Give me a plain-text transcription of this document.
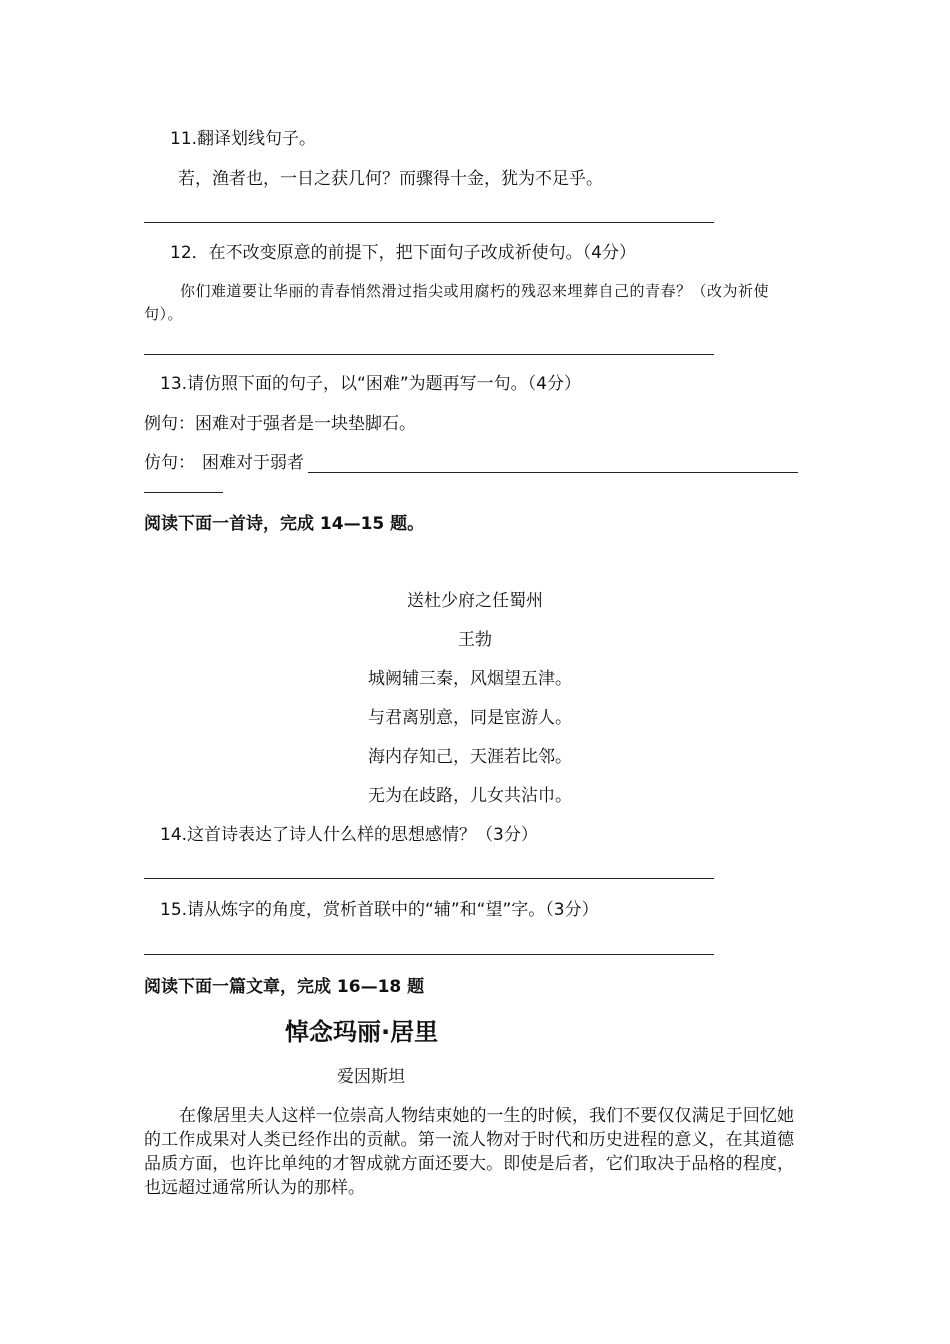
11.翻译划线句子。
若，渔者也，一日之获几何？而骤得十金，犹为不足乎。
12．在不改变原意的前提下，把下面句子改成祈使句。（4分）
你们难道要让华丽的青春悄然滑过指尖或用腐朽的残忍来埋葬自己的青春？（改为祈使句）。
13.请仿照下面的句子，以“困难”为题再写一句。（4分）
例句：困难对于强者是一块垫脚石。
仿句： 困难对于弱者
阅读下面一首诗，完成 14—15 题。
送杜少府之任蜀州
王勃
城阙辅三秦，风烟望五津。
与君离别意，同是宦游人。
海内存知己，天涯若比邻。
无为在歧路，儿女共沾巾。
14.这首诗表达了诗人什么样的思想感情？（3分）
15.请从炼字的角度，赏析首联中的“辅”和“望”字。（3分）
阅读下面一篇文章，完成 16—18 题
悼念玛丽·居里
爱因斯坦
在像居里夫人这样一位崇高人物结束她的一生的时候，我们不要仅仅满足于回忆她的工作成果对人类已经作出的贡献。第一流人物对于时代和历史进程的意义，在其道德品质方面，也许比单纯的才智成就方面还要大。即使是后者，它们取决于品格的程度，也远超过通常所认为的那样。
